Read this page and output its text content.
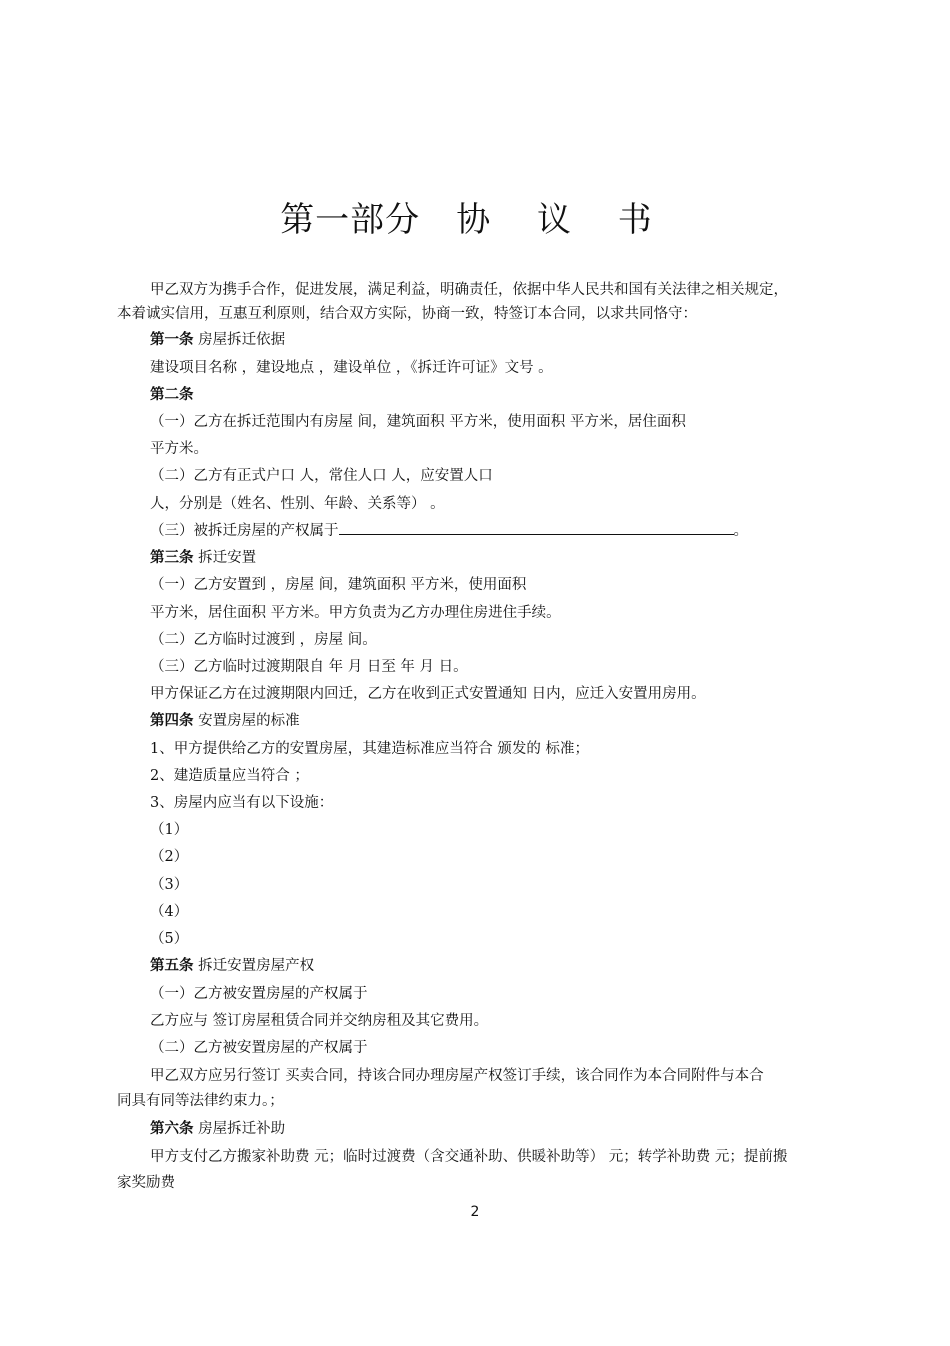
第一部分 协 议 书
甲乙双方为携手合作，促进发展，满足利益，明确责任，依据中华人民共和国有关法律之相关规定，
本着诚实信用，互惠互利原则，结合双方实际，协商一致，特签订本合同，以求共同恪守：
第一条 房屋拆迁依据
建设项目名称 ，建设地点 ，建设单位 ，《拆迁许可证》文号 。
第二条
（一）乙方在拆迁范围内有房屋 间，建筑面积 平方米，使用面积 平方米，居住面积
平方米。
（二）乙方有正式户口 人，常住人口 人，应安置人口
人，分别是（姓名、性别、年龄、关系等） 。
（三）被拆迁房屋的产权属于	。
第三条 拆迁安置
（一）乙方安置到 ，房屋 间，建筑面积 平方米，使用面积
平方米，居住面积 平方米。甲方负责为乙方办理住房进住手续。
（二）乙方临时过渡到 ，房屋 间。
（三）乙方临时过渡期限自 年 月 日至 年 月 日。
甲方保证乙方在过渡期限内回迁，乙方在收到正式安置通知 日内，应迁入安置用房用。
第四条 安置房屋的标准
1、甲方提供给乙方的安置房屋，其建造标准应当符合 颁发的 标准；
2、建造质量应当符合 ；
3、房屋内应当有以下设施：
（1）
（2）
（3）
（4）
（5）
第五条 拆迁安置房屋产权
（一）乙方被安置房屋的产权属于
乙方应与 签订房屋租赁合同并交纳房租及其它费用。
（二）乙方被安置房屋的产权属于
甲乙双方应另行签订 买卖合同，持该合同办理房屋产权签订手续，该合同作为本合同附件与本合
同具有同等法律约束力。；
第六条 房屋拆迁补助
甲方支付乙方搬家补助费 元；临时过渡费（含交通补助、供暖补助等） 元；转学补助费 元；提前搬
家奖励费
2
